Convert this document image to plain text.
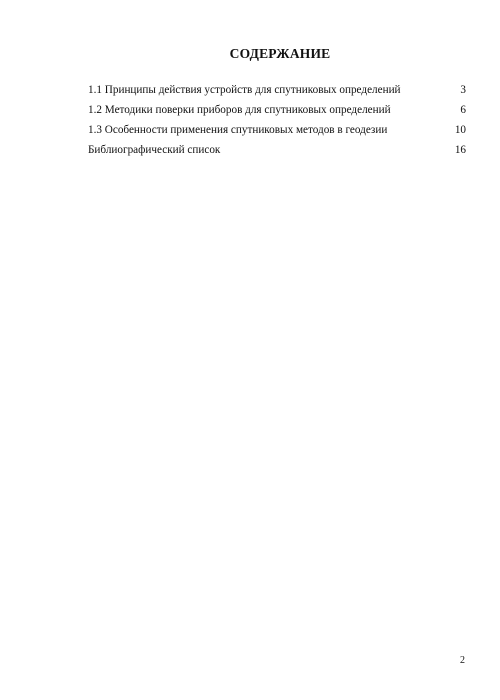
СОДЕРЖАНИЕ
1.1 Принципы действия устройств для спутниковых определений	3
1.2 Методики поверки приборов для спутниковых определений	6
1.3 Особенности применения спутниковых методов в геодезии	10
Библиографический список	16
2
